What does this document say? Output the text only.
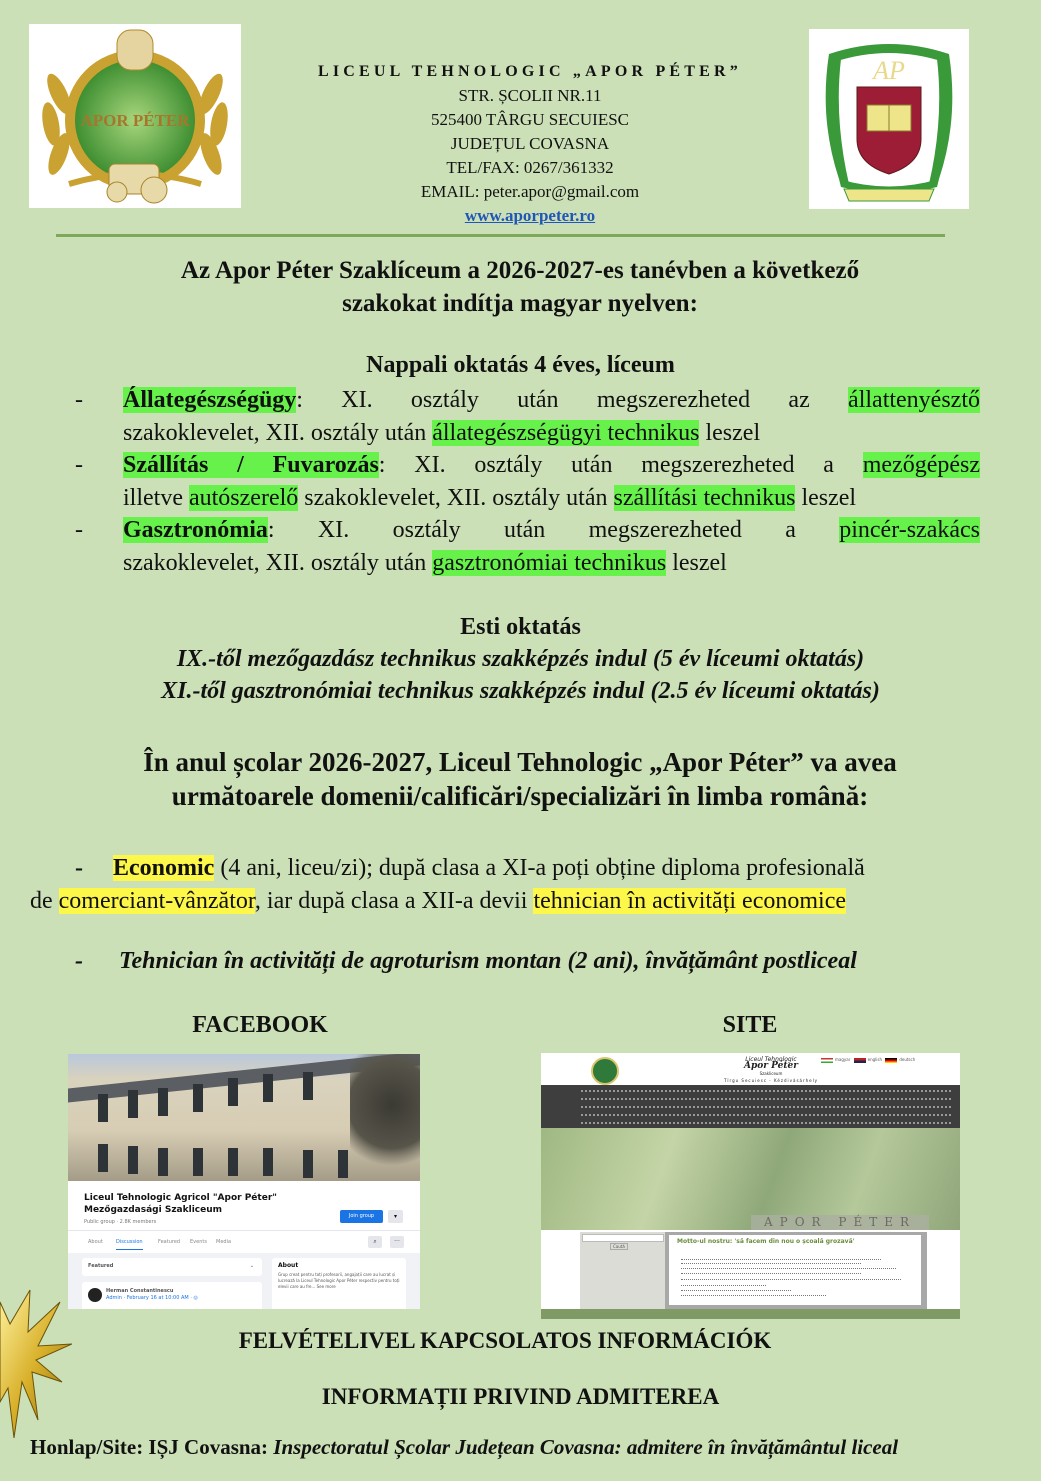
APOR PÉTER
LICEUL TEHNOLOGIC „APOR PÉTER”
STR. ȘCOLII NR.11
525400 TÂRGU SECUIESC
JUDEȚUL COVASNA
TEL/FAX: 0267/361332
EMAIL: peter.apor@gmail.com
www.aporpeter.ro
AP
Az Apor Péter Szaklíceum a 2026-2027-es tanévben a következő
szakokat indítja magyar nyelven:
Nappali oktatás 4 éves, líceum
- Állategészségügy: XI. osztály után megszerezheted az állattenyésztő
szakoklevelet, XII. osztály után állategészségügyi technikus leszel
- Szállítás / Fuvarozás: XI. osztály után megszerezheted a mezőgépész
illetve autószerelő szakoklevelet, XII. osztály után szállítási technikus leszel
- Gasztronómia: XI. osztály után megszerezheted a pincér-szakács
szakoklevelet, XII. osztály után gasztronómiai technikus leszel
Esti oktatás
IX.-től mezőgazdász technikus szakképzés indul (5 év líceumi oktatás)
XI.-től gasztronómiai technikus szakképzés indul (2.5 év líceumi oktatás)
În anul școlar 2026-2027, Liceul Tehnologic „Apor Péter” va avea
următoarele domenii/calificări/specializări în limba română:
- Economic (4 ani, liceu/zi); după clasa a XI-a poți obține diploma profesională
de comerciant-vânzător, iar după clasa a XII-a devii tehnician în activități economice
- Tehnician în activități de agroturism montan (2 ani), învățământ postliceal
FACEBOOK	SITE
Liceul Tehnologic Agricol "Apor Péter"
Mezőgazdasági Szakliceum
Public group · 2.8K members
Join group	▾
About	Discussion	Featured Events Media	⌕	···
Featured	⌄
Herman Constantinescu
Admin · February 16 at 10:00 AM · ◎
About
Grup creat pentru toți profesorii, angajații care au lucrat și lucrează la Liceul Tehnologic Apor Péter respectiv pentru toți elevii care au fre... See more
Liceul Tehnologic
Apor Péter
Szakliceum
Tîrgu Secuiesc - Kézdivásárhely
magyar	english	deutsch
APOR PÉTER
Caută
Motto-ul nostru: 'să facem din nou o școală grozavă'
FELVÉTELIVEL KAPCSOLATOS INFORMÁCIÓK
INFORMAȚII PRIVIND ADMITEREA
Honlap/Site: IȘJ Covasna: Inspectoratul Școlar Județean Covasna: admitere în învățământul liceal
